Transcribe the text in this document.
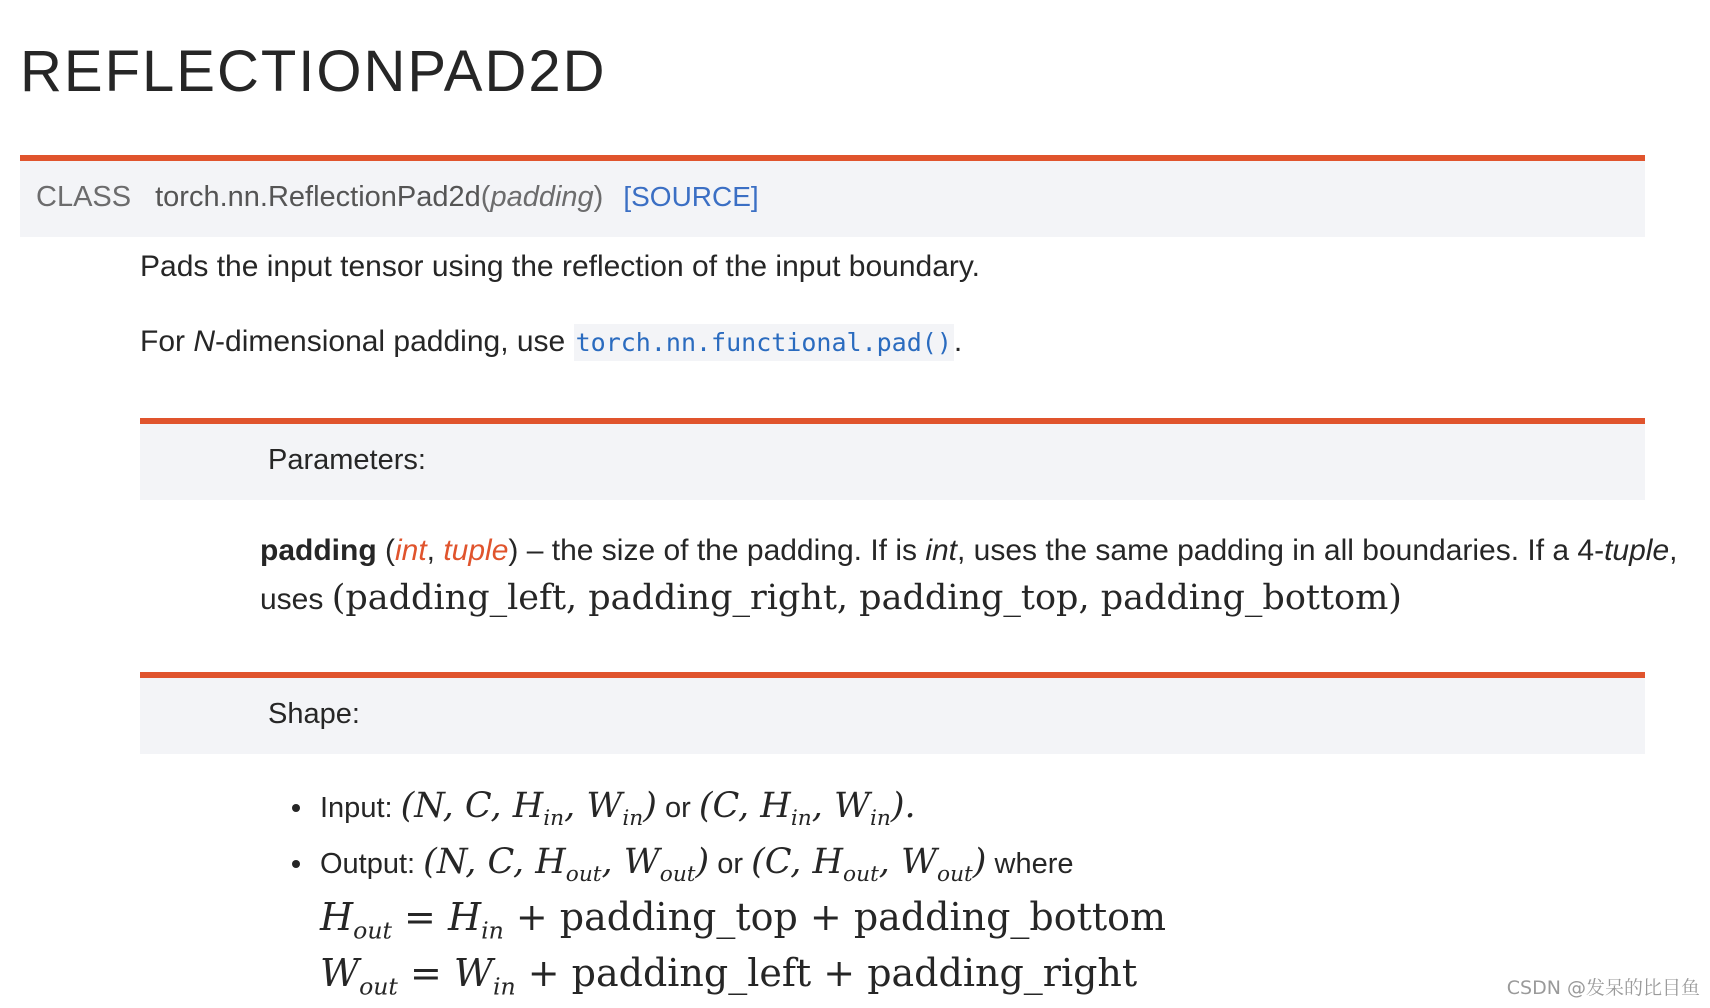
REFLECTIONPAD2D
CLASS torch.nn.ReflectionPad2d(padding) [SOURCE]

Pads the input tensor using the reflection of the input boundary.

For N-dimensional padding, use torch.nn.functional.pad().

Parameters:
padding (int, tuple) – the size of the padding. If is int, uses the same padding in all boundaries. If a 4-tuple,
uses (padding_left, padding_right, padding_top, padding_bottom)
Shape:
Input: (N, C, $H_{in}$, $W_{in}$) or (C, $H_{in}$, $W_{in}$).
Output: (N, C, $H_{out}$, $W_{out}$) or (C, $H_{out}$, $W_{out}$) where
$H_{out} = H_{in}$ + padding_top + padding_bottom
$W_{out} = W_{in}$ + padding_left + padding_right	CSDN @发呆的比目鱼
